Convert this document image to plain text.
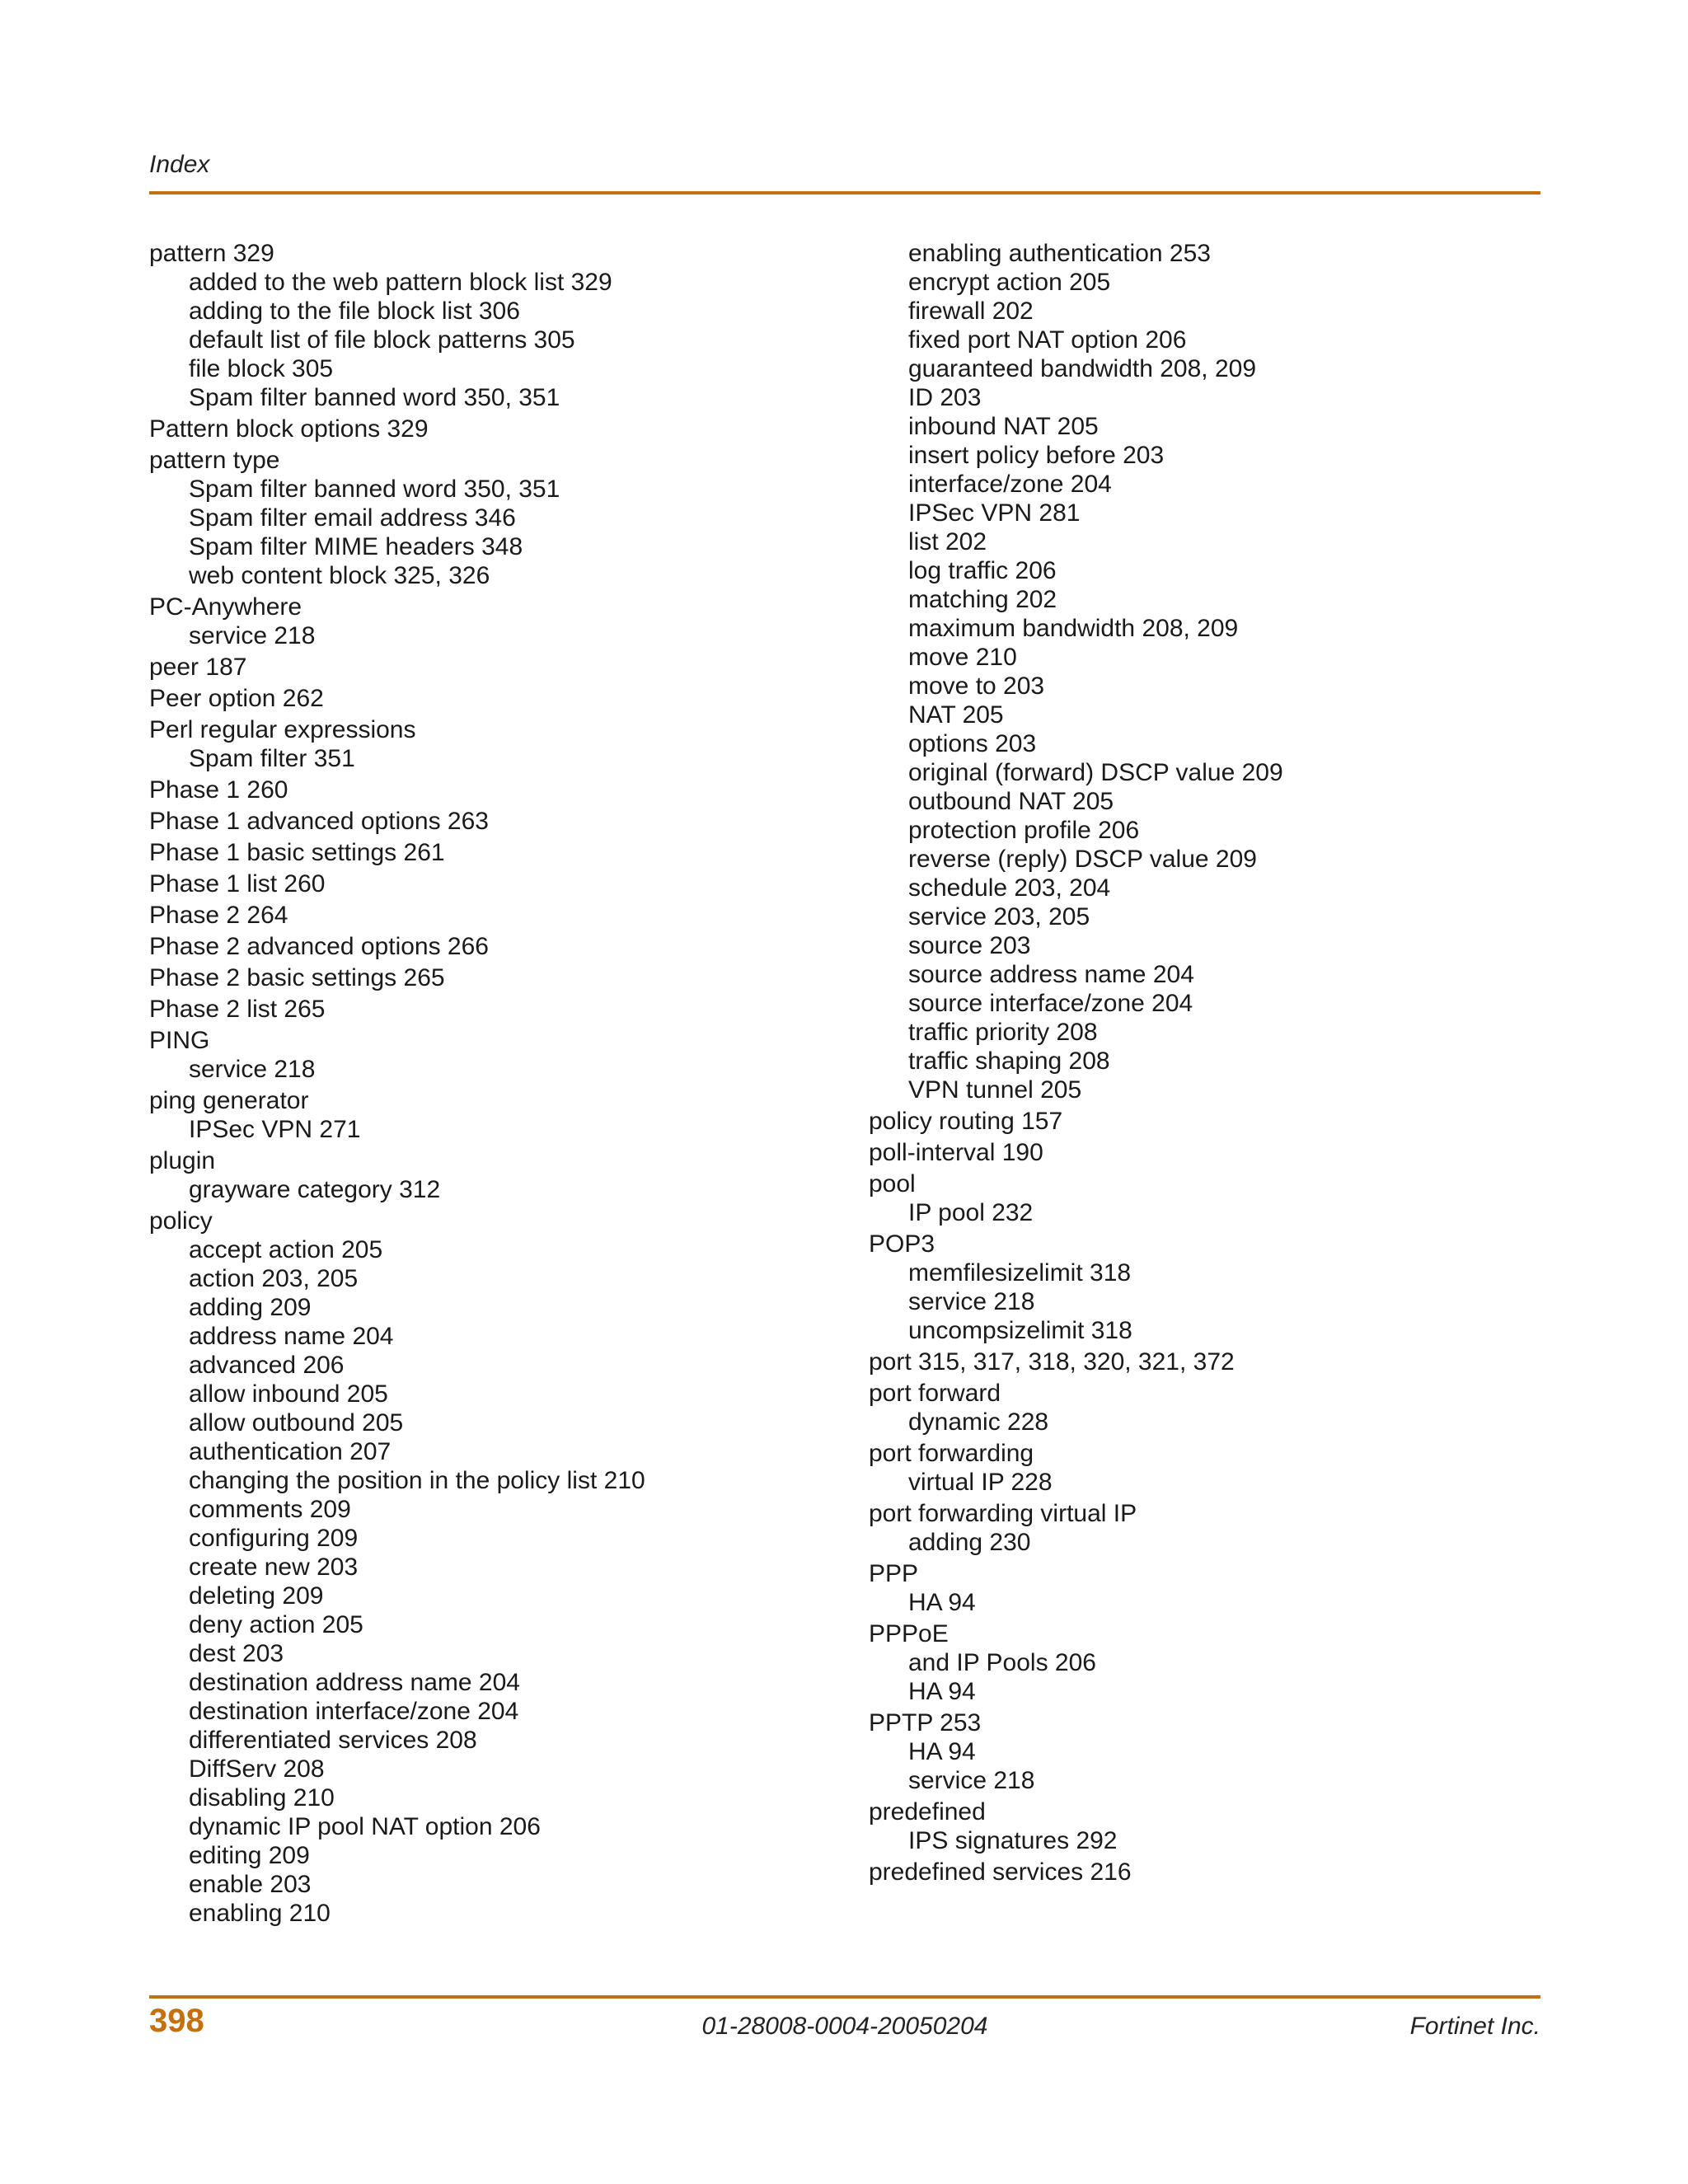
Index
pattern 329
added to the web pattern block list 329
adding to the file block list 306
default list of file block patterns 305
file block 305
Spam filter banned word 350, 351
Pattern block options 329
pattern type
Spam filter banned word 350, 351
Spam filter email address 346
Spam filter MIME headers 348
web content block 325, 326
PC-Anywhere
service 218
peer 187
Peer option 262
Perl regular expressions
Spam filter 351
Phase 1 260
Phase 1 advanced options 263
Phase 1 basic settings 261
Phase 1 list 260
Phase 2 264
Phase 2 advanced options 266
Phase 2 basic settings 265
Phase 2 list 265
PING
service 218
ping generator
IPSec VPN 271
plugin
grayware category 312
policy
accept action 205
action 203, 205
adding 209
address name 204
advanced 206
allow inbound 205
allow outbound 205
authentication 207
changing the position in the policy list 210
comments 209
configuring 209
create new 203
deleting 209
deny action 205
dest 203
destination address name 204
destination interface/zone 204
differentiated services 208
DiffServ 208
disabling 210
dynamic IP pool NAT option 206
editing 209
enable 203
enabling 210
enabling authentication 253
encrypt action 205
firewall 202
fixed port NAT option 206
guaranteed bandwidth 208, 209
ID 203
inbound NAT 205
insert policy before 203
interface/zone 204
IPSec VPN 281
list 202
log traffic 206
matching 202
maximum bandwidth 208, 209
move 210
move to 203
NAT 205
options 203
original (forward) DSCP value 209
outbound NAT 205
protection profile 206
reverse (reply) DSCP value 209
schedule 203, 204
service 203, 205
source 203
source address name 204
source interface/zone 204
traffic priority 208
traffic shaping 208
VPN tunnel 205
policy routing 157
poll-interval 190
pool
IP pool 232
POP3
memfilesizelimit 318
service 218
uncompsizelimit 318
port 315, 317, 318, 320, 321, 372
port forward
dynamic 228
port forwarding
virtual IP 228
port forwarding virtual IP
adding 230
PPP
HA 94
PPPoE
and IP Pools 206
HA 94
PPTP 253
HA 94
service 218
predefined
IPS signatures 292
predefined services 216
398	01-28008-0004-20050204	Fortinet Inc.
